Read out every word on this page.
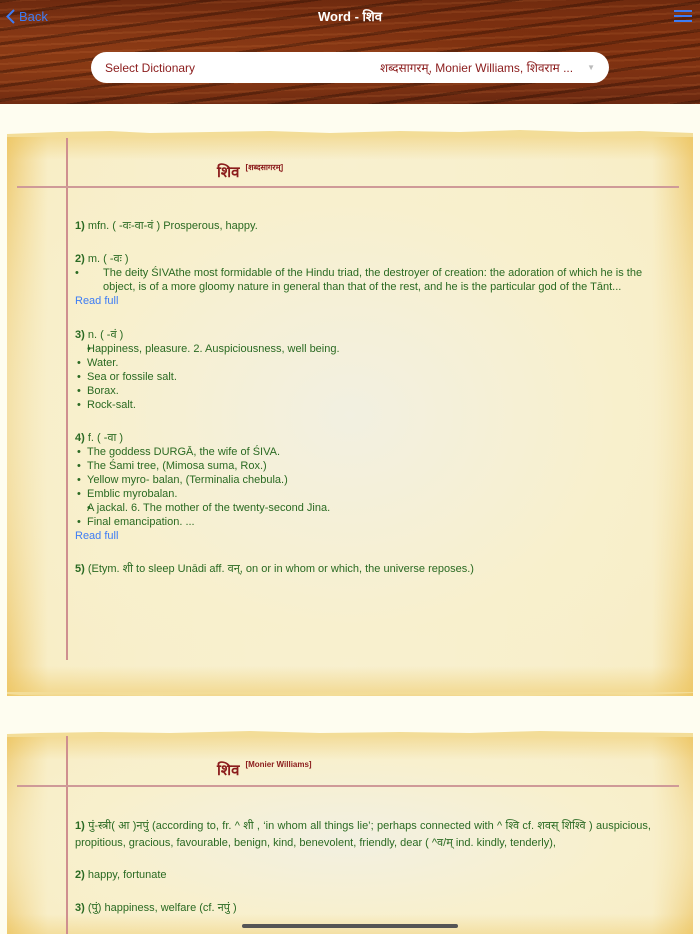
Back	Word - शिव
Select Dictionary	शब्दसागरम्, Monier Williams, शिवराम ... ▼
शिव [शब्दसागरम्]
1) mfn. ( -वः-वा-वं ) Prosperous, happy.
2) m. ( -वः )
• The deity ŚIVAthe most formidable of the Hindu triad, the destroyer of creation: the adoration of which he is the object, is of a more gloomy nature in general than that of the rest, and he is the particular god of the Tānt...
Read full
3) n. ( -वं )
• Happiness, pleasure. 2. Auspiciousness, well being.
• Water.
• Sea or fossile salt.
• Borax.
• Rock-salt.
4) f. ( -वा )
• The goddess DURGĀ, the wife of ŚIVA.
• The Śami tree, (Mimosa suma, Rox.)
• Yellow myro- balan, (Terminalia chebula.)
• Emblic myrobalan.
• A jackal. 6. The mother of the twenty-second Jina.
• Final emancipation. ...
Read full
5) (Etym. शी to sleep Unādi aff. वन्, on or in whom or which, the universe reposes.)
शिव [Monier Williams]
1) पुं-स्त्री( आ )नपुं (according to, fr. ^ शी , ‘in whom all things lie’; perhaps connected with ^ श्वि cf. शवस् शिश्वि ) auspicious, propitious, gracious, favourable, benign, kind, benevolent, friendly, dear ( ^व/म् ind. kindly, tenderly),
2) happy, fortunate
3) (पुं) happiness, welfare (cf. नपुं )
